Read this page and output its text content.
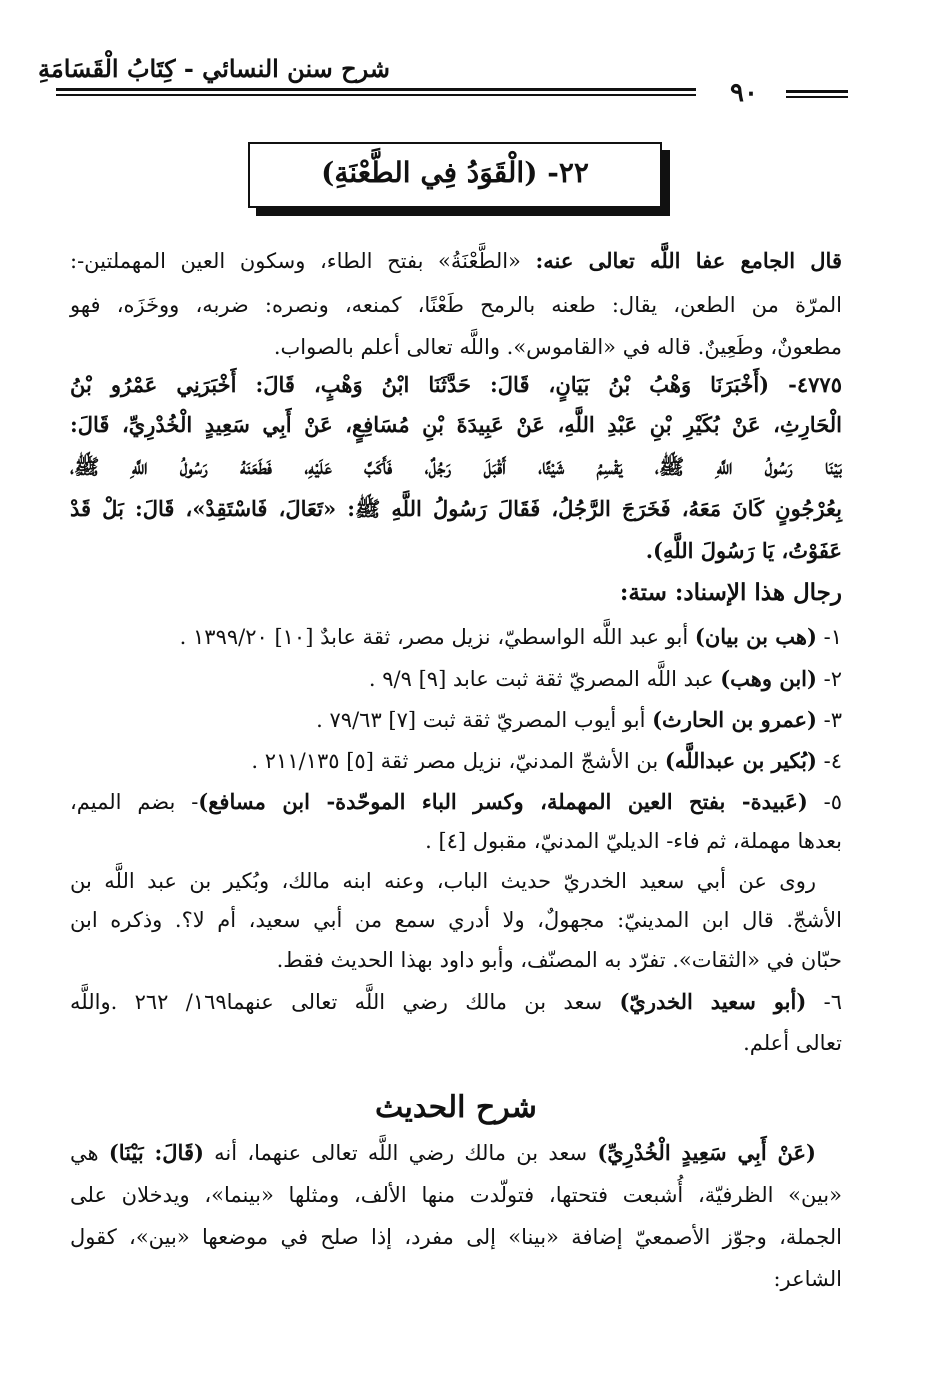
شرح سنن النسائي - كِتَابُ الْقَسَامَةِ
٩٠
٢٢- (الْقَوَدُ فِي الطَّعْنَةِ)
قال الجامع عفا اللَّه تعالى عنه: «الطَّعْنَةُ» بفتح الطاء، وسكون العين المهملتين-:
المرّة من الطعن، يقال: طعنه بالرمح طَعْنًا، كمنعه، ونصره: ضربه، ووخَزَه، فهو
مطعونٌ، وطَعِينٌ. قاله في «القاموس». واللَّه تعالى أعلم بالصواب.
٤٧٧٥- (أَخْبَرَنَا وَهْبُ بْنُ بَيَانٍ، قَالَ: حَدَّثَنَا ابْنُ وَهْبٍ، قَالَ: أَخْبَرَنِي عَمْرُو بْنُ
الْحَارِثِ، عَنْ بُكَيْرِ بْنِ عَبْدِ اللَّهِ، عَنْ عَبِيدَةَ بْنِ مُسَافِعٍ، عَنْ أَبِي سَعِيدٍ الْخُدْرِيِّ، قَالَ:
بَيْنَا رَسُولُ اللَّهِ ﷺ، يَقْسِمُ شَيْئًا، أَقْبَلَ رَجُلٌ، فَأَكَبَّ عَلَيْهِ، فَطَعَنَهُ رَسُولُ اللَّهِ ﷺ،
بِعُرْجُونٍ كَانَ مَعَهُ، فَخَرَجَ الرَّجُلُ، فَقَالَ رَسُولُ اللَّهِ ﷺ: «تَعَالَ، فَاسْتَقِدْ»، قَالَ: بَلْ قَدْ
عَفَوْتُ، يَا رَسُولَ اللَّهِ).
رجال هذا الإسناد: ستة:
١- (هب بن بيان) أبو عبد اللَّه الواسطيّ، نزيل مصر، ثقة عابدٌ [١٠] ١٣٩٩/٢٠ .
٢- (ابن وهب) عبد اللَّه المصريّ ثقة ثبت عابد [٩] ٩/٩ .
٣- (عمرو بن الحارث) أبو أيوب المصريّ ثقة ثبت [٧] ٧٩/٦٣ .
٤- (بُكير بن عبداللَّه) بن الأشجّ المدنيّ، نزيل مصر ثقة [٥] ٢١١/١٣٥ .
٥- (عَبيدة- بفتح العين المهملة، وكسر الباء الموحّدة- ابن مسافع)- بضم الميم،
بعدها مهملة، ثم فاء- الديليّ المدنيّ، مقبول [٤] .
روى عن أبي سعيد الخدريّ حديث الباب، وعنه ابنه مالك، وبُكير بن عبد اللَّه بن
الأشجّ. قال ابن المدينيّ: مجهولٌ، ولا أدري سمع من أبي سعيد، أم لا؟. وذكره ابن
حبّان في «الثقات». تفرّد به المصنّف، وأبو داود بهذا الحديث فقط.
٦- (أبو سعيد الخدريّ) سعد بن مالك رضي اللَّه تعالى عنهما١٦٩/ ٢٦٢ .واللَّه
تعالى أعلم.
شرح الحديث
(عَنْ أَبِي سَعِيدٍ الْخُدْرِيِّ) سعد بن مالك رضي اللَّه تعالى عنهما، أنه (قَالَ: بَيْنَا) هي
«بين» الظرفيّة، أُشبعت فتحتها، فتولّدت منها الألف، ومثلها «بينما»، ويدخلان على
الجملة، وجوّز الأصمعيّ إضافة «بينا» إلى مفرد، إذا صلح في موضعها «بين»، كقول
الشاعر:
